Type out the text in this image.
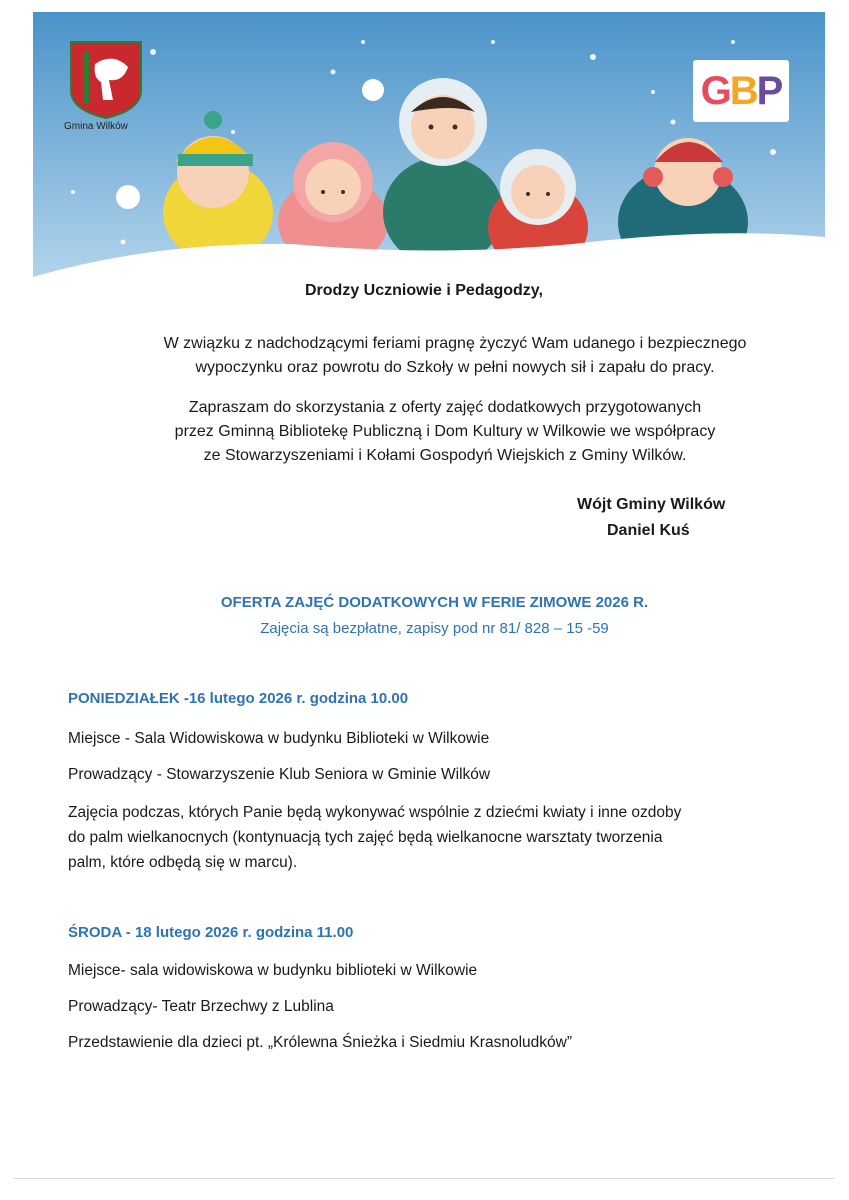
Gmina Wilków
GBP
Drodzy Uczniowie i Pedagodzy,
W związku z nadchodzącymi feriami pragnę życzyć Wam udanego i bezpiecznego
wypoczynku oraz powrotu do Szkoły w pełni nowych sił i zapału do pracy.
Zapraszam do skorzystania z oferty zajęć dodatkowych przygotowanych
przez Gminną Bibliotekę Publiczną i Dom Kultury w Wilkowie we współpracy
ze Stowarzyszeniami i Kołami Gospodyń Wiejskich z Gminy Wilków.
Wójt Gminy Wilków
Daniel Kuś
OFERTA ZAJĘĆ DODATKOWYCH W FERIE ZIMOWE 2026 R.
Zajęcia są bezpłatne, zapisy pod nr 81/ 828 – 15 -59
PONIEDZIAŁEK -16 lutego 2026 r. godzina 10.00
Miejsce - Sala Widowiskowa w budynku Biblioteki w Wilkowie
Prowadzący - Stowarzyszenie Klub Seniora w Gminie Wilków
Zajęcia podczas, których Panie będą wykonywać wspólnie z dziećmi kwiaty i inne ozdoby
do palm wielkanocnych (kontynuacją tych zajęć będą wielkanocne warsztaty tworzenia
palm, które odbędą się w marcu).
ŚRODA - 18 lutego 2026 r. godzina 11.00
Miejsce- sala widowiskowa w budynku biblioteki w Wilkowie
Prowadzący- Teatr Brzechwy z Lublina
Przedstawienie dla dzieci pt. „Królewna Śnieżka i Siedmiu Krasnoludków”
